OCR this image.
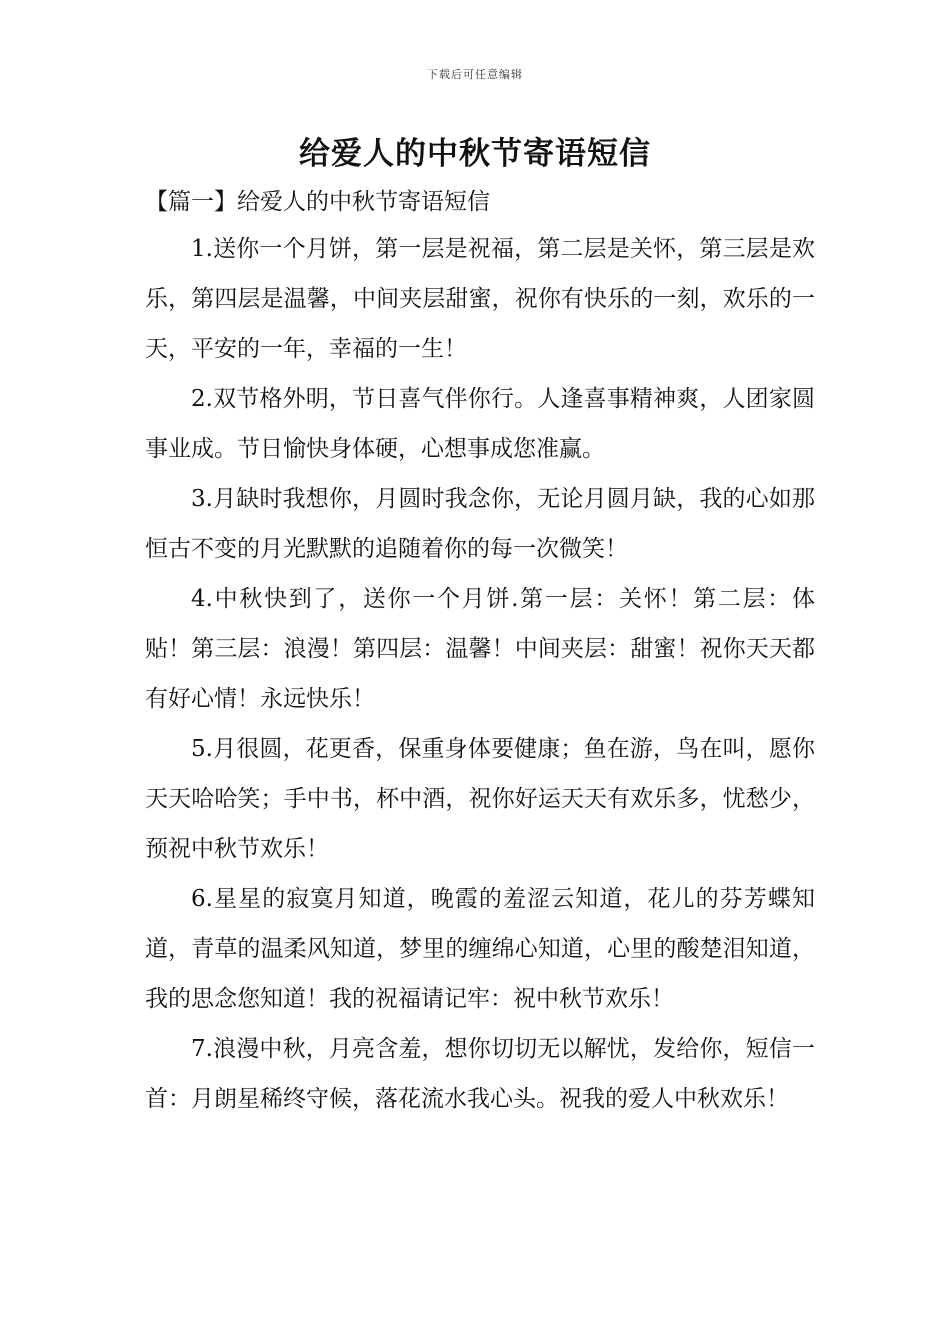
下载后可任意编辑
给爱人的中秋节寄语短信
【篇一】给爱人的中秋节寄语短信

1.送你一个月饼，第一层是祝福，第二层是关怀，第三层是欢乐，第四层是温馨，中间夹层甜蜜，祝你有快乐的一刻，欢乐的一天，平安的一年，幸福的一生！

2.双节格外明，节日喜气伴你行。人逢喜事精神爽，人团家圆事业成。节日愉快身体硬，心想事成您准赢。

3.月缺时我想你，月圆时我念你，无论月圆月缺，我的心如那恒古不变的月光默默的追随着你的每一次微笑！

4.中秋快到了，送你一个月饼.第一层：关怀！第二层：体贴！第三层：浪漫！第四层：温馨！中间夹层：甜蜜！祝你天天都有好心情！永远快乐！

5.月很圆，花更香，保重身体要健康；鱼在游，鸟在叫，愿你天天哈哈笑；手中书，杯中酒，祝你好运天天有欢乐多，忧愁少，预祝中秋节欢乐！

6.星星的寂寞月知道，晚霞的羞涩云知道，花儿的芬芳蝶知道，青草的温柔风知道，梦里的缠绵心知道，心里的酸楚泪知道，我的思念您知道！我的祝福请记牢：祝中秋节欢乐！

7.浪漫中秋，月亮含羞，想你切切无以解忧，发给你，短信一首：月朗星稀终守候，落花流水我心头。祝我的爱人中秋欢乐！
